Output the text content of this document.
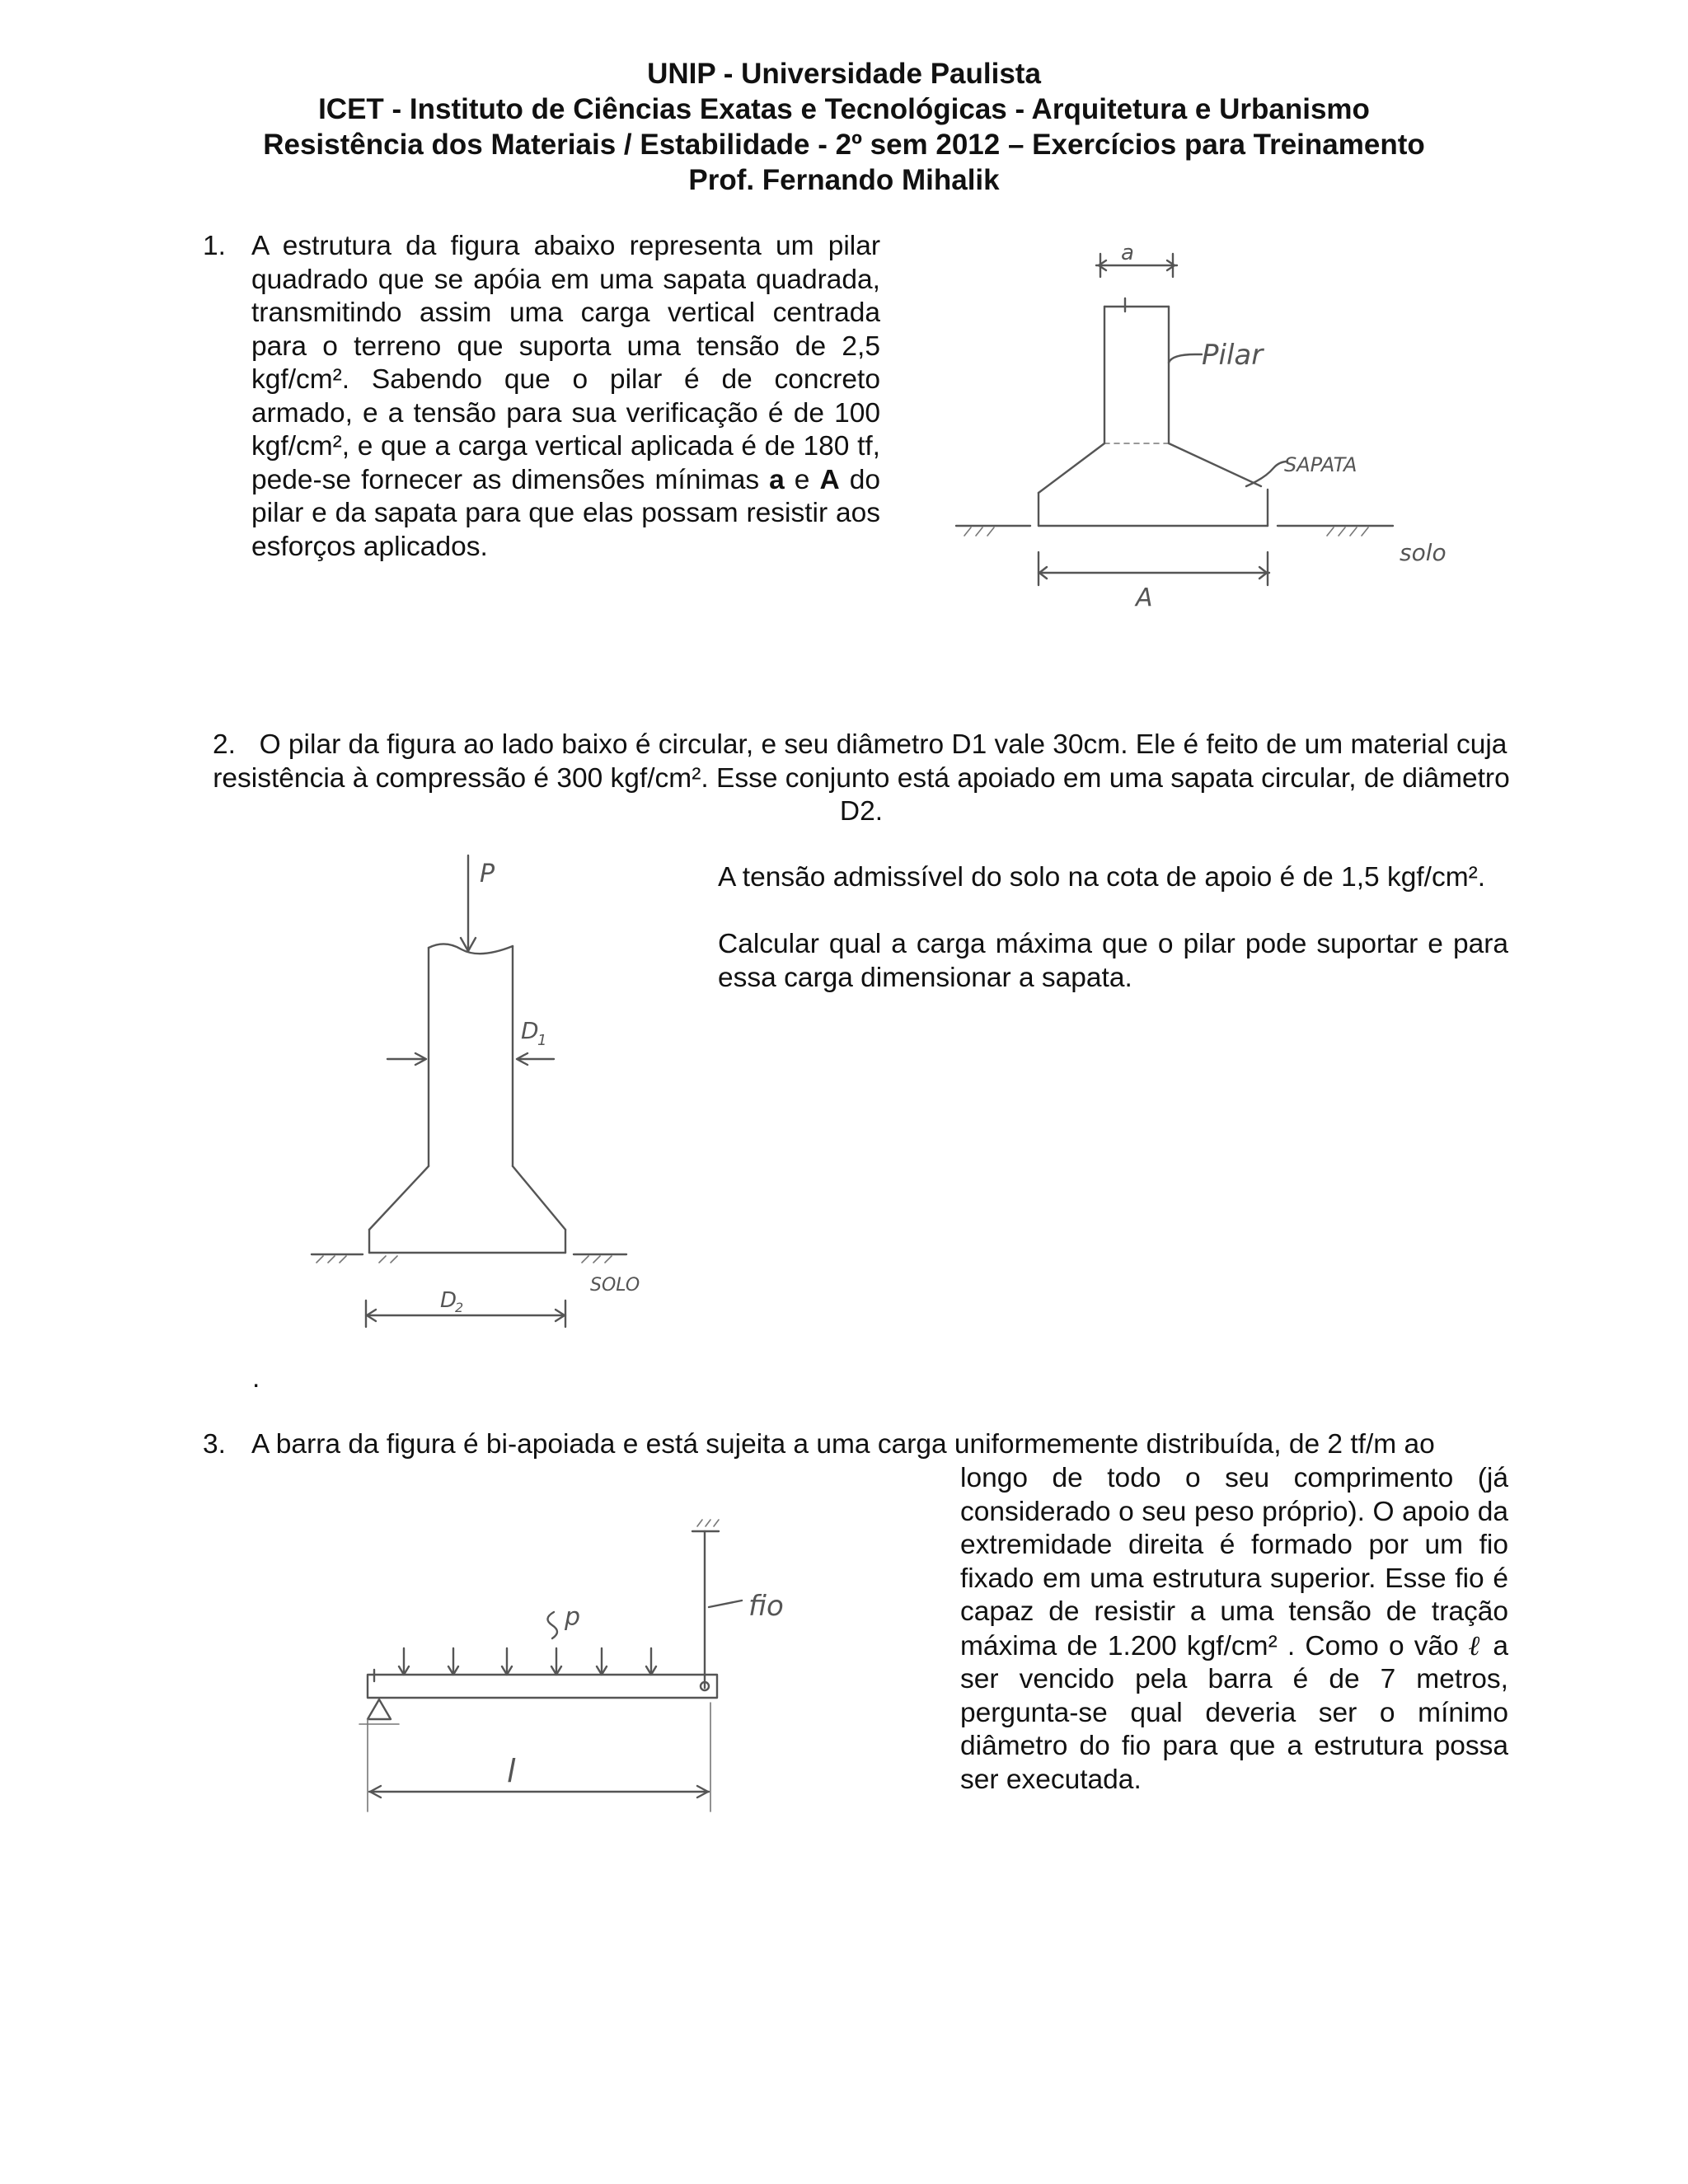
UNIP - Universidade Paulista
ICET - Instituto de Ciências Exatas e Tecnológicas - Arquitetura e Urbanismo
Resistência dos Materiais / Estabilidade - 2º sem 2012 – Exercícios para Treinamento
Prof. Fernando Mihalik
1. A estrutura da figura abaixo representa um pilar quadrado que se apóia em uma sapata quadrada, transmitindo assim uma carga vertical centrada para o terreno que suporta uma tensão de 2,5 kgf/cm². Sabendo que o pilar é de concreto armado, e a tensão para sua verificação é de 100 kgf/cm², e que a carga vertical aplicada é de 180 tf, pede-se fornecer as dimensões mínimas a e A do pilar e da sapata para que elas possam resistir aos esforços aplicados.
a
Pilar
SAPATA
solo
A
2. O pilar da figura ao lado baixo é circular, e seu diâmetro D1 vale 30cm. Ele é feito de um material cuja resistência à compressão é 300 kgf/cm². Esse conjunto está apoiado em uma sapata circular, de diâmetro D2.
A tensão admissível do solo na cota de apoio é de 1,5 kgf/cm².
Calcular qual a carga máxima que o pilar pode suportar e para essa carga dimensionar a sapata.
P
D
1
SOLO
D
2
.
3. A barra da figura é bi-apoiada e está sujeita a uma carga uniformemente distribuída, de 2 tf/m ao
longo de todo o seu comprimento (já considerado o seu peso próprio). O apoio da extremidade direita é formado por um fio fixado em uma estrutura superior. Esse fio é capaz de resistir a uma tensão de tração máxima de 1.200 kgf/cm² . Como o vão ℓ a ser vencido pela barra é de 7 metros, pergunta-se qual deveria ser o mínimo diâmetro do fio para que a estrutura possa ser executada.
fio
p
l
